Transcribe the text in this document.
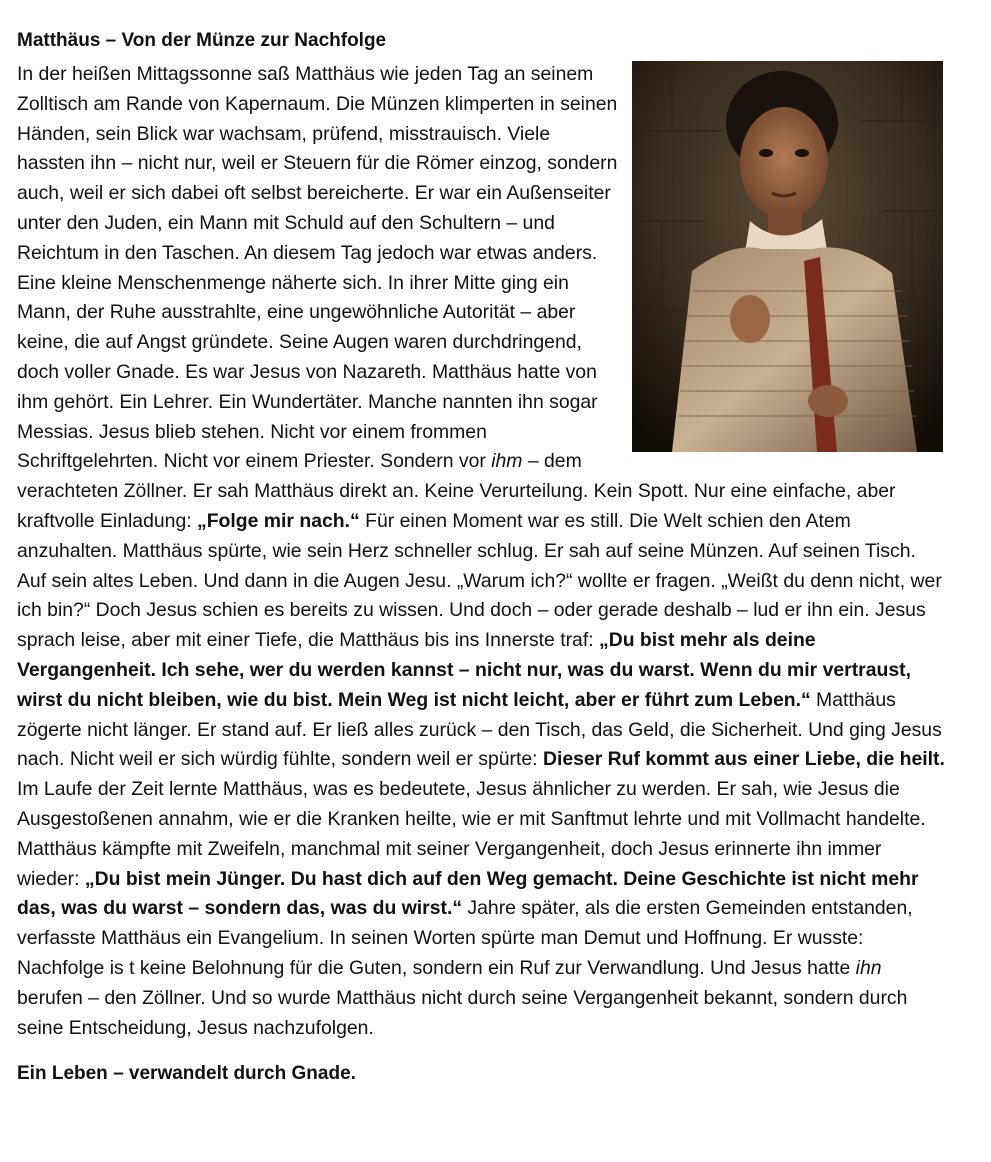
Matthäus – Von der Münze zur Nachfolge

In der heißen Mittagssonne saß Matthäus wie jeden Tag an seinem Zolltisch am Rande von Kapernaum. Die Münzen klimperten in seinen Händen, sein Blick war wachsam, prüfend, misstrauisch. Viele hassten ihn – nicht nur, weil er Steuern für die Römer einzog, sondern auch, weil er sich dabei oft selbst bereicherte. Er war ein Außenseiter unter den Juden, ein Mann mit Schuld auf den Schultern – und Reichtum in den Taschen. An diesem Tag jedoch war etwas anders. Eine kleine Menschenmenge näherte sich. In ihrer Mitte ging ein Mann, der Ruhe ausstrahlte, eine ungewöhnliche Autorität – aber keine, die auf Angst gründete. Seine Augen waren durchdringend, doch voller Gnade. Es war Jesus von Nazareth. Matthäus hatte von ihm gehört. Ein Lehrer. Ein Wundertäter. Manche nannten ihn sogar Messias. Jesus blieb stehen. Nicht vor einem frommen Schriftgelehrten. Nicht vor einem Priester. Sondern vor ihm – dem verachteten Zöllner. Er sah Matthäus direkt an. Keine Verurteilung. Kein Spott. Nur eine einfache, aber kraftvolle Einladung: „Folge mir nach.“ Für einen Moment war es still. Die Welt schien den Atem anzuhalten. Matthäus spürte, wie sein Herz schneller schlug. Er sah auf seine Münzen. Auf seinen Tisch. Auf sein altes Leben. Und dann in die Augen Jesu. „Warum ich?“ wollte er fragen. „Weißt du denn nicht, wer ich bin?“ Doch Jesus schien es bereits zu wissen. Und doch – oder gerade deshalb – lud er ihn ein. Jesus sprach leise, aber mit einer Tiefe, die Matthäus bis ins Innerste traf: „Du bist mehr als deine Vergangenheit. Ich sehe, wer du werden kannst – nicht nur, was du warst. Wenn du mir vertraust, wirst du nicht bleiben, wie du bist. Mein Weg ist nicht leicht, aber er führt zum Leben.“ Matthäus zögerte nicht länger. Er stand auf. Er ließ alles zurück – den Tisch, das Geld, die Sicherheit. Und ging Jesus nach. Nicht weil er sich würdig fühlte, sondern weil er spürte: Dieser Ruf kommt aus einer Liebe, die heilt. Im Laufe der Zeit lernte Matthäus, was es bedeutete, Jesus ähnlicher zu werden. Er sah, wie Jesus die Ausgestoßenen annahm, wie er die Kranken heilte, wie er mit Sanftmut lehrte und mit Vollmacht handelte. Matthäus kämpfte mit Zweifeln, manchmal mit seiner Vergangenheit, doch Jesus erinnerte ihn immer wieder: „Du bist mein Jünger. Du hast dich auf den Weg gemacht. Deine Geschichte ist nicht mehr das, was du warst – sondern das, was du wirst.“ Jahre später, als die ersten Gemeinden entstanden, verfasste Matthäus ein Evangelium. In seinen Worten spürte man Demut und Hoffnung. Er wusste: Nachfolge is t keine Belohnung für die Guten, sondern ein Ruf zur Verwandlung. Und Jesus hatte ihn berufen – den Zöllner. Und so wurde Matthäus nicht durch seine Vergangenheit bekannt, sondern durch seine Entscheidung, Jesus nachzufolgen.

Ein Leben – verwandelt durch Gnade.
